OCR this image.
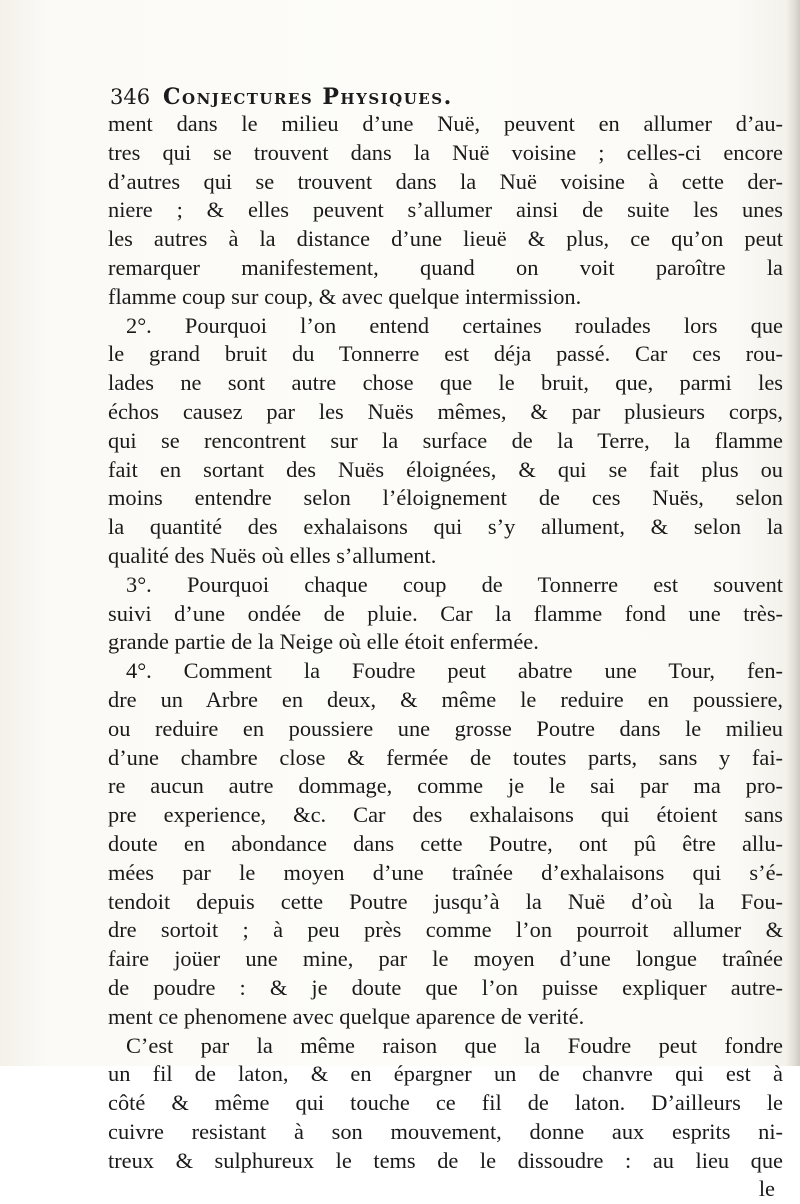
346 Conjectures Physiques.
ment dans le milieu d’une Nuë, peuvent en allumer d’au-
tres qui se trouvent dans la Nuë voisine ; celles-ci encore
d’autres qui se trouvent dans la Nuë voisine à cette der-
niere ; & elles peuvent s’allumer ainsi de suite les unes
les autres à la distance d’une lieuë & plus, ce qu’on peut
remarquer manifestement, quand on voit paroître la
flamme coup sur coup, & avec quelque intermission.
2°. Pourquoi l’on entend certaines roulades lors que
le grand bruit du Tonnerre est déja passé. Car ces rou-
lades ne sont autre chose que le bruit, que, parmi les
échos causez par les Nuës mêmes, & par plusieurs corps,
qui se rencontrent sur la surface de la Terre, la flamme
fait en sortant des Nuës éloignées, & qui se fait plus ou
moins entendre selon l’éloignement de ces Nuës, selon
la quantité des exhalaisons qui s’y allument, & selon la
qualité des Nuës où elles s’allument.
3°. Pourquoi chaque coup de Tonnerre est souvent
suivi d’une ondée de pluie. Car la flamme fond une très-
grande partie de la Neige où elle étoit enfermée.
4°. Comment la Foudre peut abatre une Tour, fen-
dre un Arbre en deux, & même le reduire en poussiere,
ou reduire en poussiere une grosse Poutre dans le milieu
d’une chambre close & fermée de toutes parts, sans y fai-
re aucun autre dommage, comme je le sai par ma pro-
pre experience, &c. Car des exhalaisons qui étoient sans
doute en abondance dans cette Poutre, ont pû être allu-
mées par le moyen d’une traînée d’exhalaisons qui s’é-
tendoit depuis cette Poutre jusqu’à la Nuë d’où la Fou-
dre sortoit ; à peu près comme l’on pourroit allumer &
faire joüer une mine, par le moyen d’une longue traînée
de poudre : & je doute que l’on puisse expliquer autre-
ment ce phenomene avec quelque aparence de verité.
C’est par la même raison que la Foudre peut fondre
un fil de laton, & en épargner un de chanvre qui est à
côté & même qui touche ce fil de laton. D’ailleurs le
cuivre resistant à son mouvement, donne aux esprits ni-
treux & sulphureux le tems de le dissoudre : au lieu que
le
